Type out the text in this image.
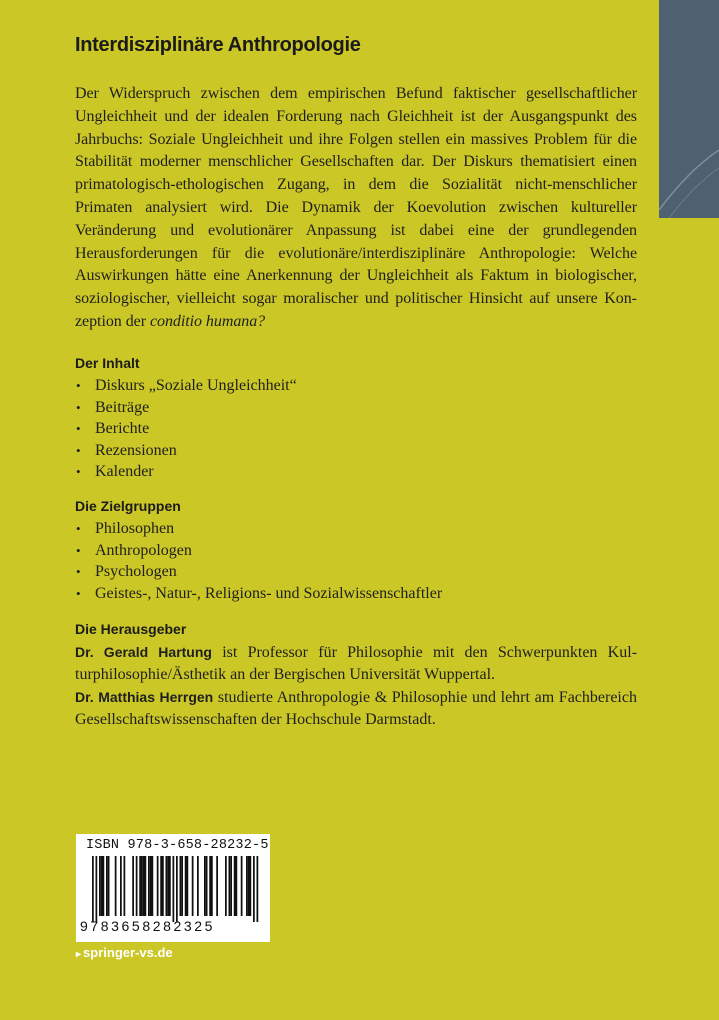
Interdisziplinäre Anthropologie
Der Widerspruch zwischen dem empirischen Befund faktischer gesellschaftlicher Ungleichheit und der idealen Forderung nach Gleichheit ist der Ausgangspunkt des Jahrbuchs: Soziale Ungleichheit und ihre Folgen stellen ein massives Problem für die Stabilität moderner menschlicher Gesellschaften dar. Der Diskurs thematisiert einen primatologisch-ethologischen Zugang, in dem die Sozialität nicht-menschlicher Primaten analysiert wird. Die Dynamik der Koevolution zwischen kultureller Veränderung und evolutionärer Anpassung ist dabei eine der grundlegenden Herausforderungen für die evolutionäre/interdisziplinäre Anthropologie: Welche Auswirkungen hätte eine Anerkennung der Ungleichheit als Faktum in biologischer, soziologischer, vielleicht sogar moralischer und politischer Hinsicht auf unsere Konzeption der conditio humana?
Der Inhalt
• Diskurs „Soziale Ungleichheit“
• Beiträge
• Berichte
• Rezensionen
• Kalender
Die Zielgruppen
• Philosophen
• Anthropologen
• Psychologen
• Geistes-, Natur-, Religions- und Sozialwissenschaftler
Die Herausgeber

Dr. Gerald Hartung ist Professor für Philosophie mit den Schwerpunkten Kulturphilosophie/Ästhetik an der Bergischen Universität Wuppertal.

Dr. Matthias Herrgen studierte Anthropologie & Philosophie und lehrt am Fachbereich Gesellschaftswissenschaften der Hochschule Darmstadt.

ISBN 978-3-658-28232-5
9783658282325
▸ springer-vs.de
